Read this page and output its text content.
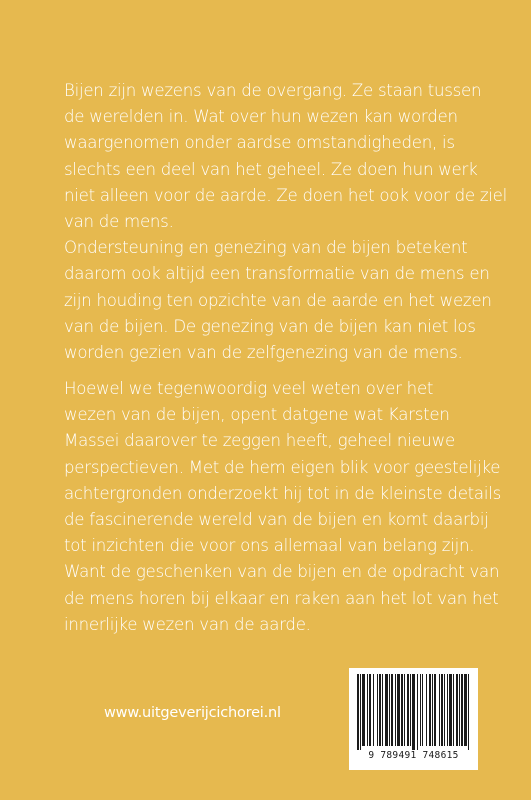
Bijen zijn wezens van de overgang. Ze staan tussen
de werelden in. Wat over hun wezen kan worden
waargenomen onder aardse omstandigheden, is
slechts een deel van het geheel. Ze doen hun werk
niet alleen voor de aarde. Ze doen het ook voor de ziel
van de mens.
Ondersteuning en genezing van de bijen betekent
daarom ook altijd een transformatie van de mens en
zijn houding ten opzichte van de aarde en het wezen
van de bijen. De genezing van de bijen kan niet los
worden gezien van de zelfgenezing van de mens.
Hoewel we tegenwoordig veel weten over het
wezen van de bijen, opent datgene wat Karsten
Massei daarover te zeggen heeft, geheel nieuwe
perspectieven. Met de hem eigen blik voor geestelijke
achtergronden onderzoekt hij tot in de kleinste details
de fascinerende wereld van de bijen en komt daarbij
tot inzichten die voor ons allemaal van belang zijn.
Want de geschenken van de bijen en de opdracht van
de mens horen bij elkaar en raken aan het lot van het
innerlijke wezen van de aarde.
www.uitgeverijcichorei.nl
9 789491 748615
